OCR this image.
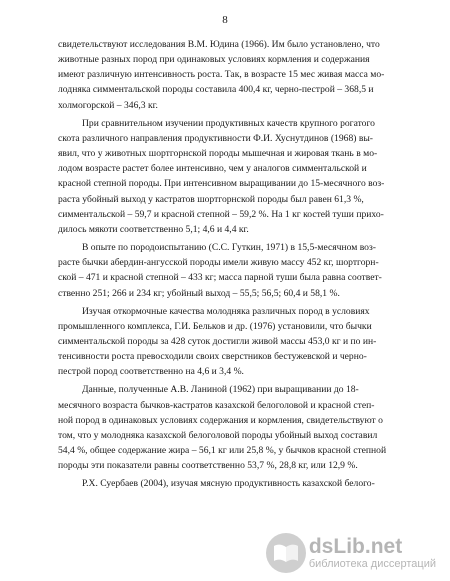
8

свидетельствуют исследования В.М. Юдина (1966). Им было установлено, что
животные разных пород при одинаковых условиях кормления и содержания
имеют различную интенсивность роста. Так, в возрасте 15 мес живая масса мо-
лодняка симментальской породы составила 400,4 кг, черно-пестрой – 368,5 и
холмогорской – 346,3 кг.

При сравнительном изучении продуктивных качеств крупного рогатого
скота различного направления продуктивности Ф.И. Хуснутдинов (1968) вы-
явил, что у животных шортгорнской породы мышечная и жировая ткань в мо-
лодом возрасте растет более интенсивно, чем у аналогов симментальской и
красной степной породы. При интенсивном выращивании до 15-месячного воз-
раста убойный выход у кастратов шортгорнской породы был равен 61,3 %,
симментальской – 59,7 и красной степной – 59,2 %. На 1 кг костей туши прихо-
дилось мякоти соответственно 5,1; 4,6 и 4,4 кг.

В опыте по породоиспытанию (С.С. Гуткин, 1971) в 15,5-месячном воз-
расте бычки абердин-ангусской породы имели живую массу 452 кг, шортгорн-
ской – 471 и красной степной – 433 кг; масса парной туши была равна соответ-
ственно 251; 266 и 234 кг; убойный выход – 55,5; 56,5; 60,4 и 58,1 %.

Изучая откормочные качества молодняка различных пород в условиях
промышленного комплекса, Г.И. Бельков и др. (1976) установили, что бычки
симментальской породы за 428 суток достигли живой массы 453,0 кг и по ин-
тенсивности роста превосходили своих сверстников бестужевской и черно-
пестрой пород соответственно на 4,6 и 3,4 %.

Данные, полученные А.В. Ланиной (1962) при выращивании до 18-
месячного возраста бычков-кастратов казахской белоголовой и красной степ-
ной пород в одинаковых условиях содержания и кормления, свидетельствуют о
том, что у молодняка казахской белоголовой породы убойный выход составил
54,4 %, общее содержание жира – 56,1 кг или 25,8 %, у бычков красной степной
породы эти показатели равны соответственно 53,7 %, 28,8 кг, или 12,9 %.

Р.Х. Суербаев (2004), изучая мясную продуктивность казахской белого-

dsLib.net
библиотека диссертаций
